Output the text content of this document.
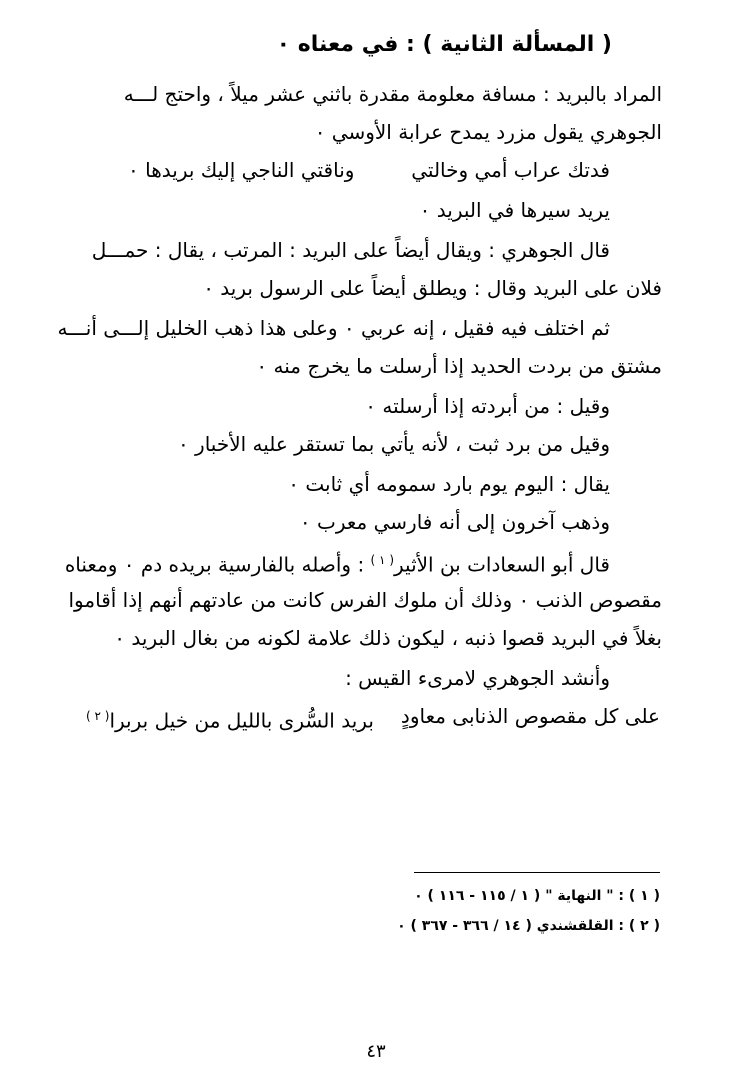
( المسألة الثانية ) : في معناه ٠
المراد بالبريد : مسافة معلومة مقدرة باثني عشر ميلاً ، واحتج لـــه
الجوهري يقول مزرد يمدح عرابة الأوسي ٠
فدتك عراب أمي وخالتي
وناقتي الناجي إليك بريدها ٠
يريد سيرها في البريد ٠
قال الجوهري : ويقال أيضاً على البريد : المرتب ، يقال : حمـــل
فلان على البريد وقال : ويطلق أيضاً على الرسول بريد ٠
ثم اختلف فيه فقيل ، إنه عربي ٠ وعلى هذا ذهب الخليل إلـــى أنـــه
مشتق من بردت الحديد إذا أرسلت ما يخرج منه ٠
وقيل : من أبردته إذا أرسلته ٠
وقيل من برد ثبت ، لأنه يأتي بما تستقر عليه الأخبار ٠
يقال : اليوم يوم بارد سمومه أي ثابت ٠
وذهب آخرون إلى أنه فارسي معرب ٠
قال أبو السعادات بن الأثير$^{( ١ )}$ : وأصله بالفارسية بريده دم ٠ ومعناه
مقصوص الذنب ٠ وذلك أن ملوك الفرس كانت من عادتهم أنهم إذا أقاموا
بغلاً في البريد قصوا ذنبه ، ليكون ذلك علامة لكونه من بغال البريد ٠
وأنشد الجوهري لامرىء القيس :
على كل مقصوص الذنابى معاودٍ
بريد السُّرى بالليل من خيل بربرا$^{( ٢ )}$
( ١ ) : " النهاية " ( ١ / ١١٥ - ١١٦ ) ٠
( ٢ ) : القلقشندي ( ١٤ / ٣٦٦ - ٣٦٧ ) ٠
٤٣
